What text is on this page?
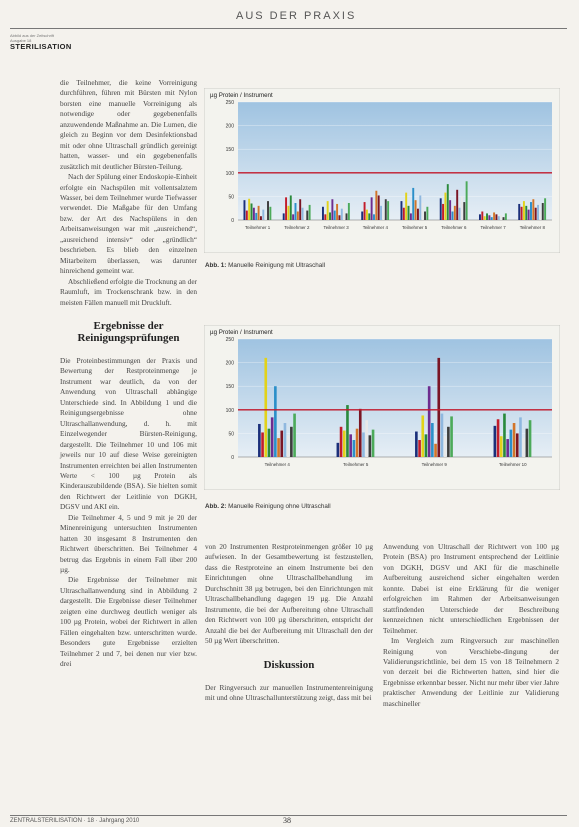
AUS DER PRAXIS
Abbild aus der Zeitschrift
Ausgabe 18
STERILISATION

die Teilnehmer, die keine Vorreinigung durchführen, führen mit Bürsten mit Nylon borsten eine manuelle Vorreinigung als notwendige oder gegebenenfalls anzuwendende Maßnahme an. Die Lumen, die gleich zu Beginn vor dem Desinfektionsbad mit oder ohne Ultraschall gründlich gereinigt hatten, wasser- und ein gegebenenfalls zusätzlich mit deutlicher Bürsten-Teilung.

Nach der Spülung einer Endoskopie-Einheit erfolgte ein Nachspülen mit vollentsalztem Wasser, bei dem Teilnehmer wurde Tiefwasser verwendet. Die Maßgabe für den Umfang bzw. der Art des Nachspülens in den Arbeitsanweisungen war mit „ausreichend“, „ausreichend intensiv“ oder „gründlich“ beschrieben. Es blieb den einzelnen Mitarbeitern überlassen, was darunter hinreichend gemeint war.

Abschließend erfolgte die Trocknung an der Raumluft, im Trockenschrank bzw. in den meisten Fällen manuell mit Druckluft.

Ergebnisse der Reinigungsprüfungen

Die Proteinbestimmungen der Praxis und Bewertung der Restproteinmenge je Instrument war deutlich, da von der Anwendung von Ultraschall abhängige Unterschiede sind. In Abbildung 1 und die Reinigungsergebnisse ohne Ultraschallanwendung, d. h. mit Einzelwegender Bürsten-Reinigung, dargestellt. Die Teilnehmer 10 und 106 mit jeweils nur 10 auf diese Weise gereinigten Instrumenten erreichten bei allen Instrumenten Werte < 100 µg Protein als Kinderauszubildende (BSA). Sie hielten somit den Richtwert der Leitlinie von DGKH, DGSV und AKI ein.

Die Teilnehmer 4, 5 und 9 mit je 20 der Minenreinigung untersuchten Instrumenten hatten 30 insgesamt 8 Instrumenten den Richtwert überschritten. Bei Teilnehmer 4 betrug das Ergebnis in einem Fall über 200 µg.

Die Ergebnisse der Teilnehmer mit Ultraschallanwendung sind in Abbildung 2 dargestellt. Die Ergebnisse dieser Teilnehmer zeigten eine durchweg deutlich weniger als 100 µg Protein, wobei der Richtwert in allen Fällen eingehalten bzw. unterschritten wurde. Besonders gute Ergebnisse erzielten Teilnehmer 2 und 7, bei denen nur vier bzw. drei

µg Protein / Instrument
0
50
100
150
200
250
Teilnehmer 1	Teilnehmer 2	Teilnehmer 3	Teilnehmer 4	Teilnehmer 5	Teilnehmer 6	Teilnehmer 7	Teilnehmer 8
Abb. 1: Manuelle Reinigung mit Ultraschall
µg Protein / Instrument
0
50
100
150
200
250
Teilnehmer 4	Teilnehmer 5	Teilnehmer 9	Teilnehmer 10
Abb. 2: Manuelle Reinigung ohne Ultraschall

von 20 Instrumenten Restproteinmengen größer 10 µg aufwiesen. In der Gesamtbewertung ist festzustellen, dass die Restproteine an einem Instrumente bei den Einrichtungen ohne Ultraschallbehandlung im Durchschnitt 38 µg betrugen, bei den Einrichtungen mit Ultraschallbehandlung dagegen 19 µg. Die Anzahl Instrumente, die bei der Aufbereitung ohne Ultraschall den Richtwert von 100 µg überschritten, entspricht der Anzahl die bei der Aufbereitung mit Ultraschall den der 50 µg Wert überschritten.

Diskussion

Der Ringversuch zur manuellen Instrumentenreinigung mit und ohne Ultraschallunterstützung zeigt, dass mit bei

Anwendung von Ultraschall der Richtwert von 100 µg Protein (BSA) pro Instrument entsprechend der Leitlinie von DGKH, DGSV und AKI für die maschinelle Aufbereitung ausreichend sicher eingehalten werden konnte. Dabei ist eine Erklärung für die weniger erfolgreichen im Rahmen der Arbeitsanweisungen stattfindenden Unterschiede der Beschreibung kennzeichnen nicht unterschiedlichen Ergebnissen der Teilnehmer.

Im Vergleich zum Ringversuch zur maschinellen Reinigung von Verschiebe-dingung der Validierungsrichtlinie, bei dem 15 von 18 Teilnehmern 2 von derzeit bei die Richtwerten hatten, sind hier die Ergebnisse erkennbar besser. Nicht nur mehr über vier Jahre praktischer Anwendung der Leitlinie zur Validierung maschineller

ZENTRALSTERILISATION · 18 · Jahrgang 2010	38
